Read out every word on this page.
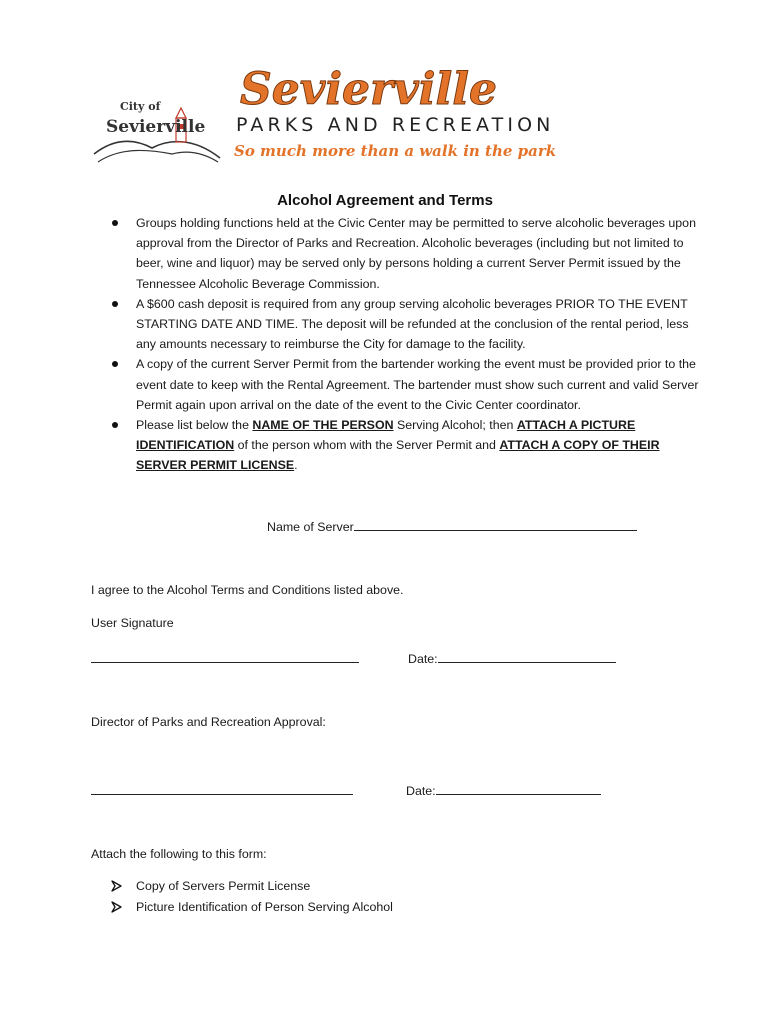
City of
Sevierville
Sevierville
PARKS AND RECREATION
So much more than a walk in the park
Alcohol Agreement and Terms
Groups holding functions held at the Civic Center may be permitted to serve alcoholic beverages upon approval from the Director of Parks and Recreation. Alcoholic beverages (including but not limited to beer, wine and liquor) may be served only by persons holding a current Server Permit issued by the Tennessee Alcoholic Beverage Commission.
A $600 cash deposit is required from any group serving alcoholic beverages PRIOR TO THE EVENT STARTING DATE AND TIME. The deposit will be refunded at the conclusion of the rental period, less any amounts necessary to reimburse the City for damage to the facility.
A copy of the current Server Permit from the bartender working the event must be provided prior to the event date to keep with the Rental Agreement. The bartender must show such current and valid Server Permit again upon arrival on the date of the event to the Civic Center coordinator.
Please list below the NAME OF THE PERSON Serving Alcohol; then ATTACH A PICTURE IDENTIFICATION of the person whom with the Server Permit and ATTACH A COPY OF THEIR SERVER PERMIT LICENSE.
Name of Server
I agree to the Alcohol Terms and Conditions listed above.
User Signature
Date:
Director of Parks and Recreation Approval:
Date:
Attach the following to this form:
Copy of Servers Permit License
Picture Identification of Person Serving Alcohol
